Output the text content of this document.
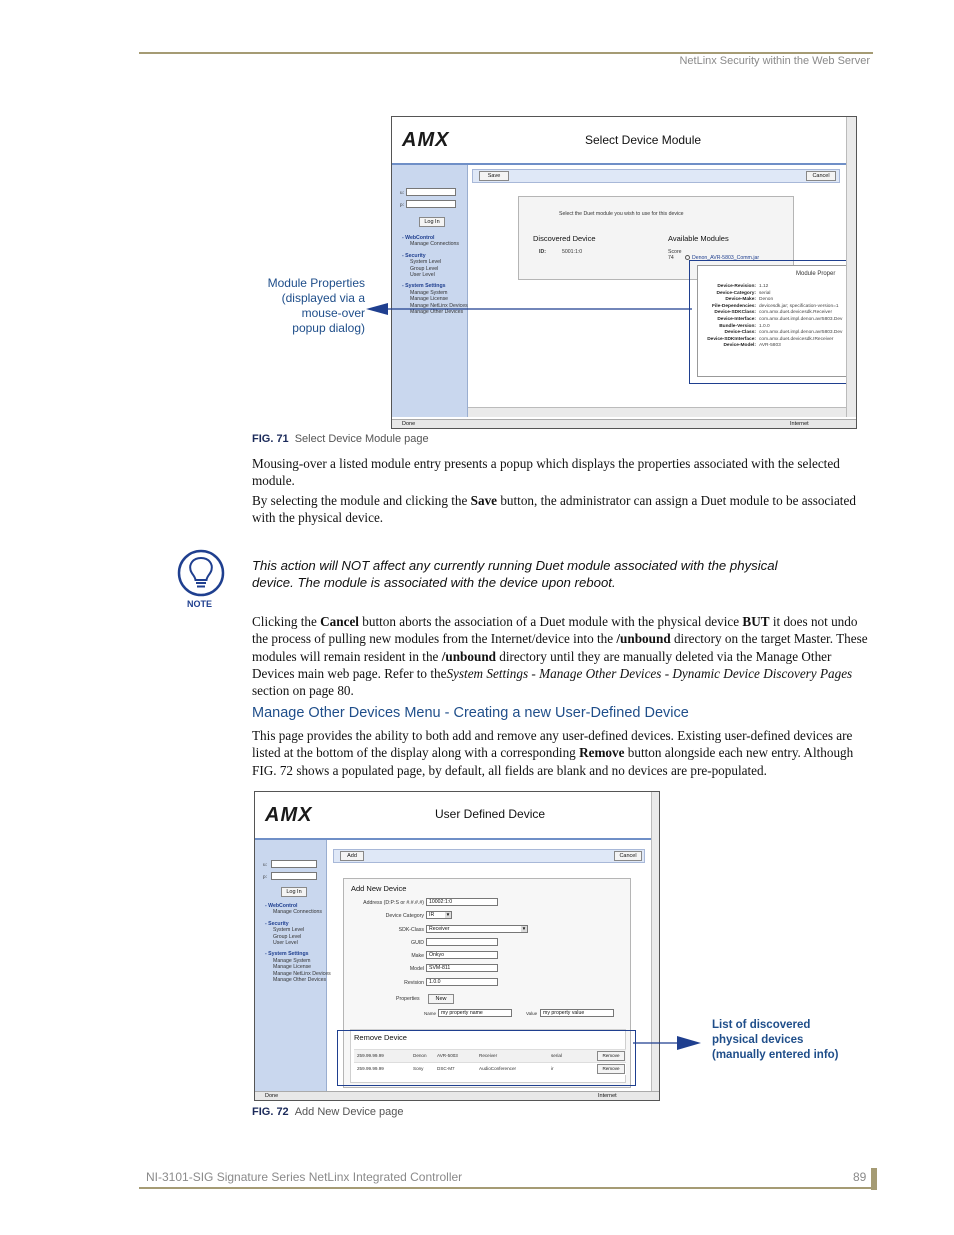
NetLinx Security within the Web Server
AMX	Select Device Module
u:
p:
Log In
- WebControl
Manage Connections
- Security
System Level
Group Level
User Level
- System Settings
Manage System
Manage License
Manage NetLinx Devices
Manage Other Devices
Save	Cancel
Select the Duet module you wish to use for this device
Discovered Device	Available Modules
ID:	5001:1:0	Score
74	Denon_AVR-5803_Comm.jar
Module Proper
Device-Revision: 1.12
Device-Category: serial
Device-Make: Denon
File-Dependencies: devicesdk.jar; specification-version=1
Device-SDKClass: com.amx.duet.devicesdk.Receiver
Device-Interface: com.amx.duet.impl.denon.avr5803.Dev
Bundle-Version: 1.0.0
Device-Class: com.amx.duet.impl.denon.avr5803.Dev
Device-SDKInterface: com.amx.duet.devicesdk.IReceiver
Device-Model: AVR-5803
Done	Internet
Module Properties
(displayed via a
mouse-over
popup dialog)
FIG. 71 Select Device Module page
Mousing-over a listed module entry presents a popup which displays the properties associated with the selected module.
By selecting the module and clicking the Save button, the administrator can assign a Duet module to be associated with the physical device.
NOTE
This action will NOT affect any currently running Duet module associated with the physical device. The module is associated with the device upon reboot.
Clicking the Cancel button aborts the association of a Duet module with the physical device BUT it does not undo the process of pulling new modules from the Internet/device into the /unbound directory on the target Master. These modules will remain resident in the /unbound directory until they are manually deleted via the Manage Other Devices main web page. Refer to theSystem Settings - Manage Other Devices - Dynamic Device Discovery Pages section on page 80.
Manage Other Devices Menu - Creating a new User-Defined Device
This page provides the ability to both add and remove any user-defined devices. Existing user-defined devices are listed at the bottom of the display along with a corresponding Remove button alongside each new entry. Although FIG. 72 shows a populated page, by default, all fields are blank and no devices are pre-populated.
AMX	User Defined Device
u:
p:
Log In
- WebControl
Manage Connections
- Security
System Level
Group Level
User Level
- System Settings
Manage System
Manage License
Manage NetLinx Devices
Manage Other Devices
Add	Cancel
Add New Device
Address (D:P:S or #.#.#.#) 10002:1:0
Device Category IR	▼
SDK-Class Receiver	▼
GUID
Make Onkyo
Model SVM-811
Revision 1.0.0
Properties	New
Name my property name	Value	my property value
Remove Device
259.99.99.99	Denon AVR-5003	Receiver	serial	Remove
259.99.99.99	Sony	DSC-M7	AudioConferencer	ir	Remove
Done	Internet
List of discovered
physical devices
(manually entered info)
FIG. 72 Add New Device page
NI-3101-SIG Signature Series NetLinx Integrated Controller	89
